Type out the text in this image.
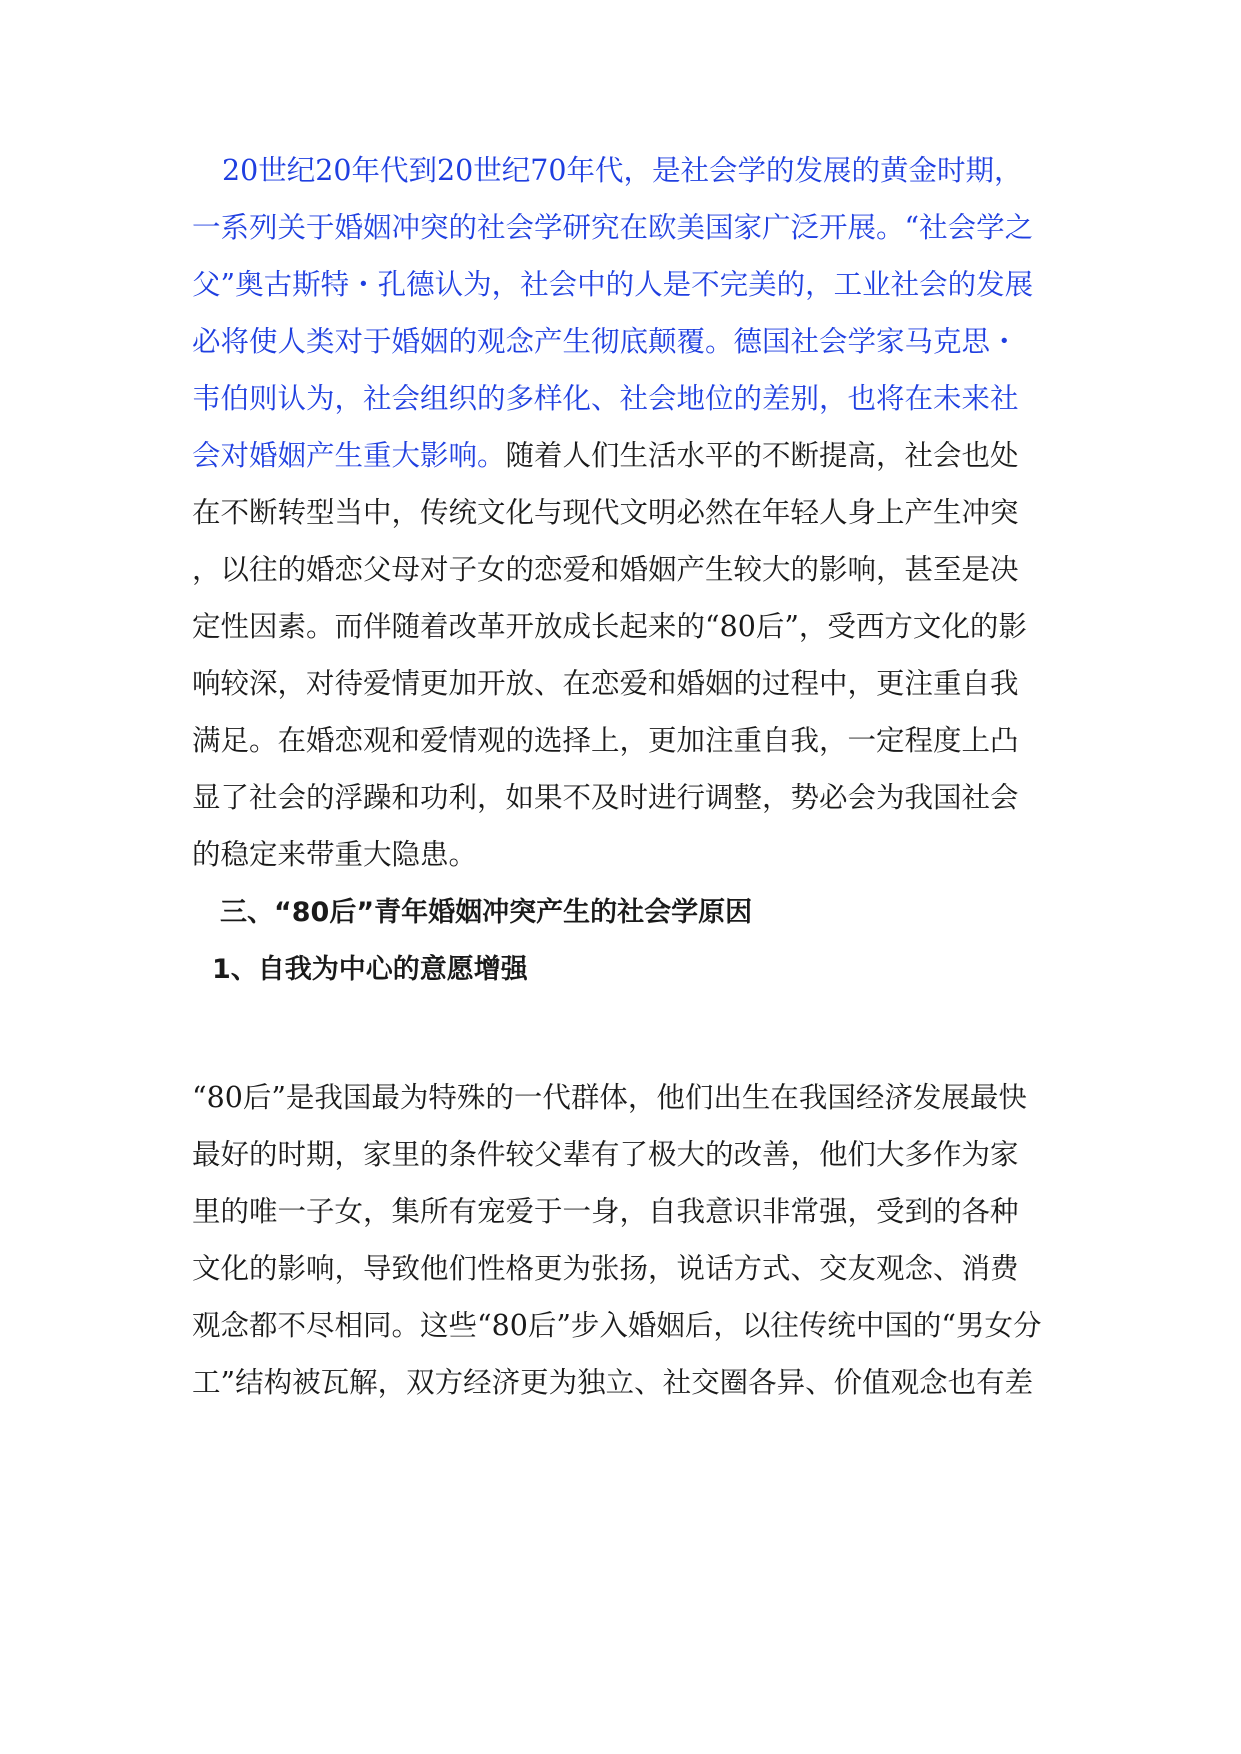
20世纪20年代到20世纪70年代，是社会学的发展的黄金时期，
一系列关于婚姻冲突的社会学研究在欧美国家广泛开展。“社会学之
父”奥古斯特・孔德认为，社会中的人是不完美的，工业社会的发展
必将使人类对于婚姻的观念产生彻底颠覆。德国社会学家马克思・
韦伯则认为，社会组织的多样化、社会地位的差别，也将在未来社
会对婚姻产生重大影响。随着人们生活水平的不断提高，社会也处
在不断转型当中，传统文化与现代文明必然在年轻人身上产生冲突
，以往的婚恋父母对子女的恋爱和婚姻产生较大的影响，甚至是决
定性因素。而伴随着改革开放成长起来的“80后”，受西方文化的影
响较深，对待爱情更加开放、在恋爱和婚姻的过程中，更注重自我
满足。在婚恋观和爱情观的选择上，更加注重自我，一定程度上凸
显了社会的浮躁和功利，如果不及时进行调整，势必会为我国社会
的稳定来带重大隐患。
三、“80后”青年婚姻冲突产生的社会学原因
1、自我为中心的意愿增强
“80后”是我国最为特殊的一代群体，他们出生在我国经济发展最快
最好的时期，家里的条件较父辈有了极大的改善，他们大多作为家
里的唯一子女，集所有宠爱于一身，自我意识非常强，受到的各种
文化的影响，导致他们性格更为张扬，说话方式、交友观念、消费
观念都不尽相同。这些“80后”步入婚姻后，以往传统中国的“男女分
工”结构被瓦解，双方经济更为独立、社交圈各异、价值观念也有差
